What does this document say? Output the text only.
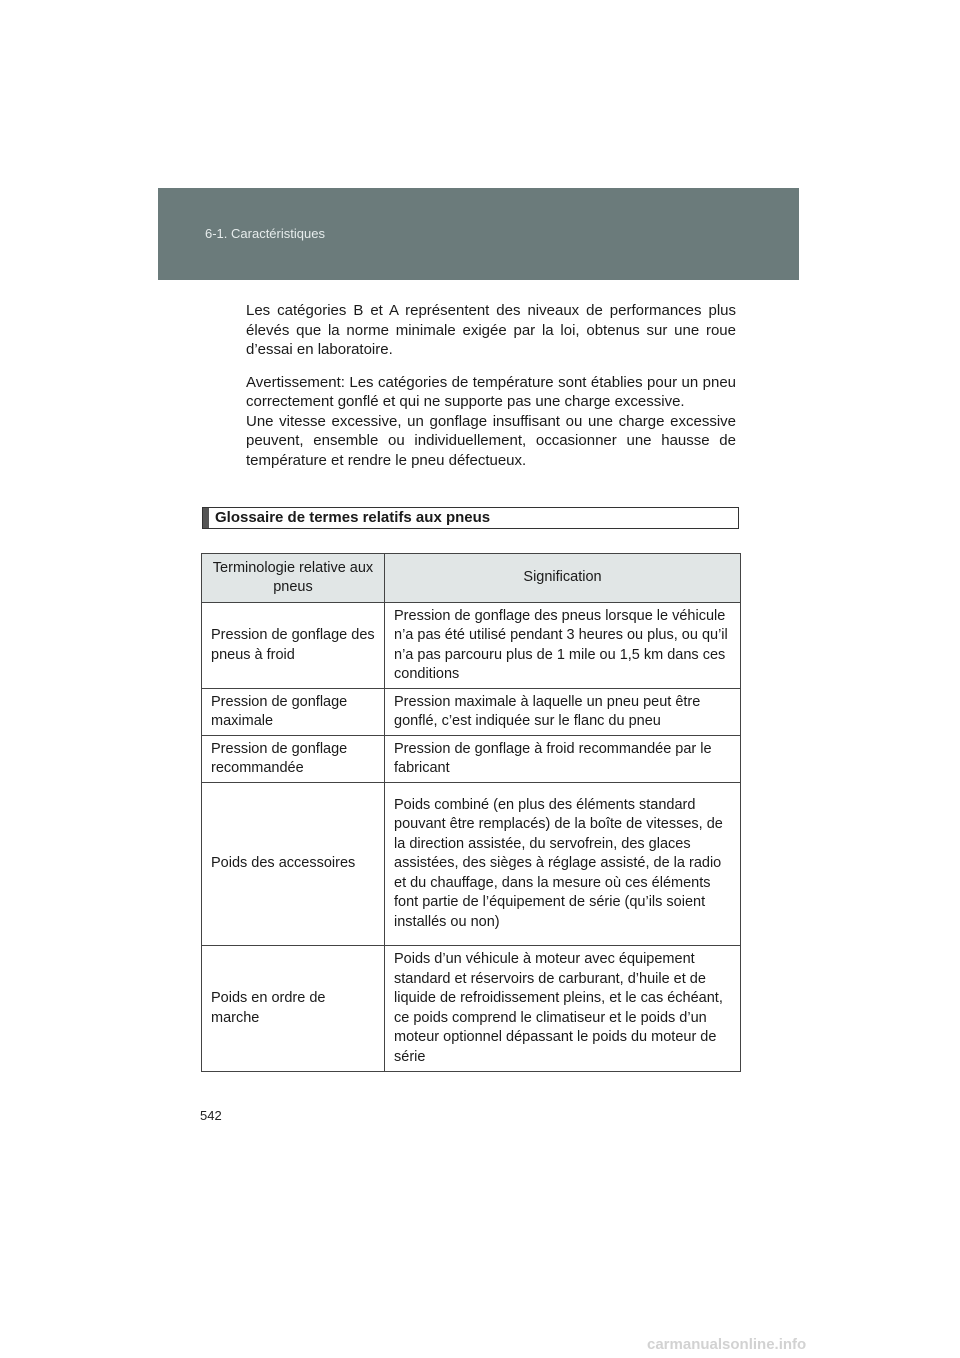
6-1. Caractéristiques

Les catégories B et A représentent des niveaux de performances plus élevés que la norme minimale exigée par la loi, obtenus sur une roue d’essai en laboratoire.

Avertissement: Les catégories de température sont établies pour un pneu correctement gonflé et qui ne supporte pas une charge excessive.

Une vitesse excessive, un gonflage insuffisant ou une charge excessive peuvent, ensemble ou individuellement, occasionner une hausse de température et rendre le pneu défectueux.

Glossaire de termes relatifs aux pneus
Terminologie relative aux pneus	Signification
Pression de gonflage des pneus à froid	Pression de gonflage des pneus lorsque le véhicule n’a pas été utilisé pendant 3 heures ou plus, ou qu’il n’a pas parcouru plus de 1 mile ou 1,5 km dans ces conditions
Pression de gonflage maximale	Pression maximale à laquelle un pneu peut être gonflé, c’est indiquée sur le flanc du pneu
Pression de gonflage recommandée	Pression de gonflage à froid recommandée par le fabricant
Poids des accessoires	Poids combiné (en plus des éléments standard pouvant être remplacés) de la boîte de vitesses, de la direction assistée, du servofrein, des glaces assistées, des sièges à réglage assisté, de la radio et du chauffage, dans la mesure où ces éléments font partie de l’équipement de série (qu’ils soient installés ou non)
Poids en ordre de marche	Poids d’un véhicule à moteur avec équipement standard et réservoirs de carburant, d’huile et de liquide de refroidissement pleins, et le cas échéant, ce poids comprend le climatiseur et le poids d’un moteur optionnel dépassant le poids du moteur de série
542
carmanualsonline.info
